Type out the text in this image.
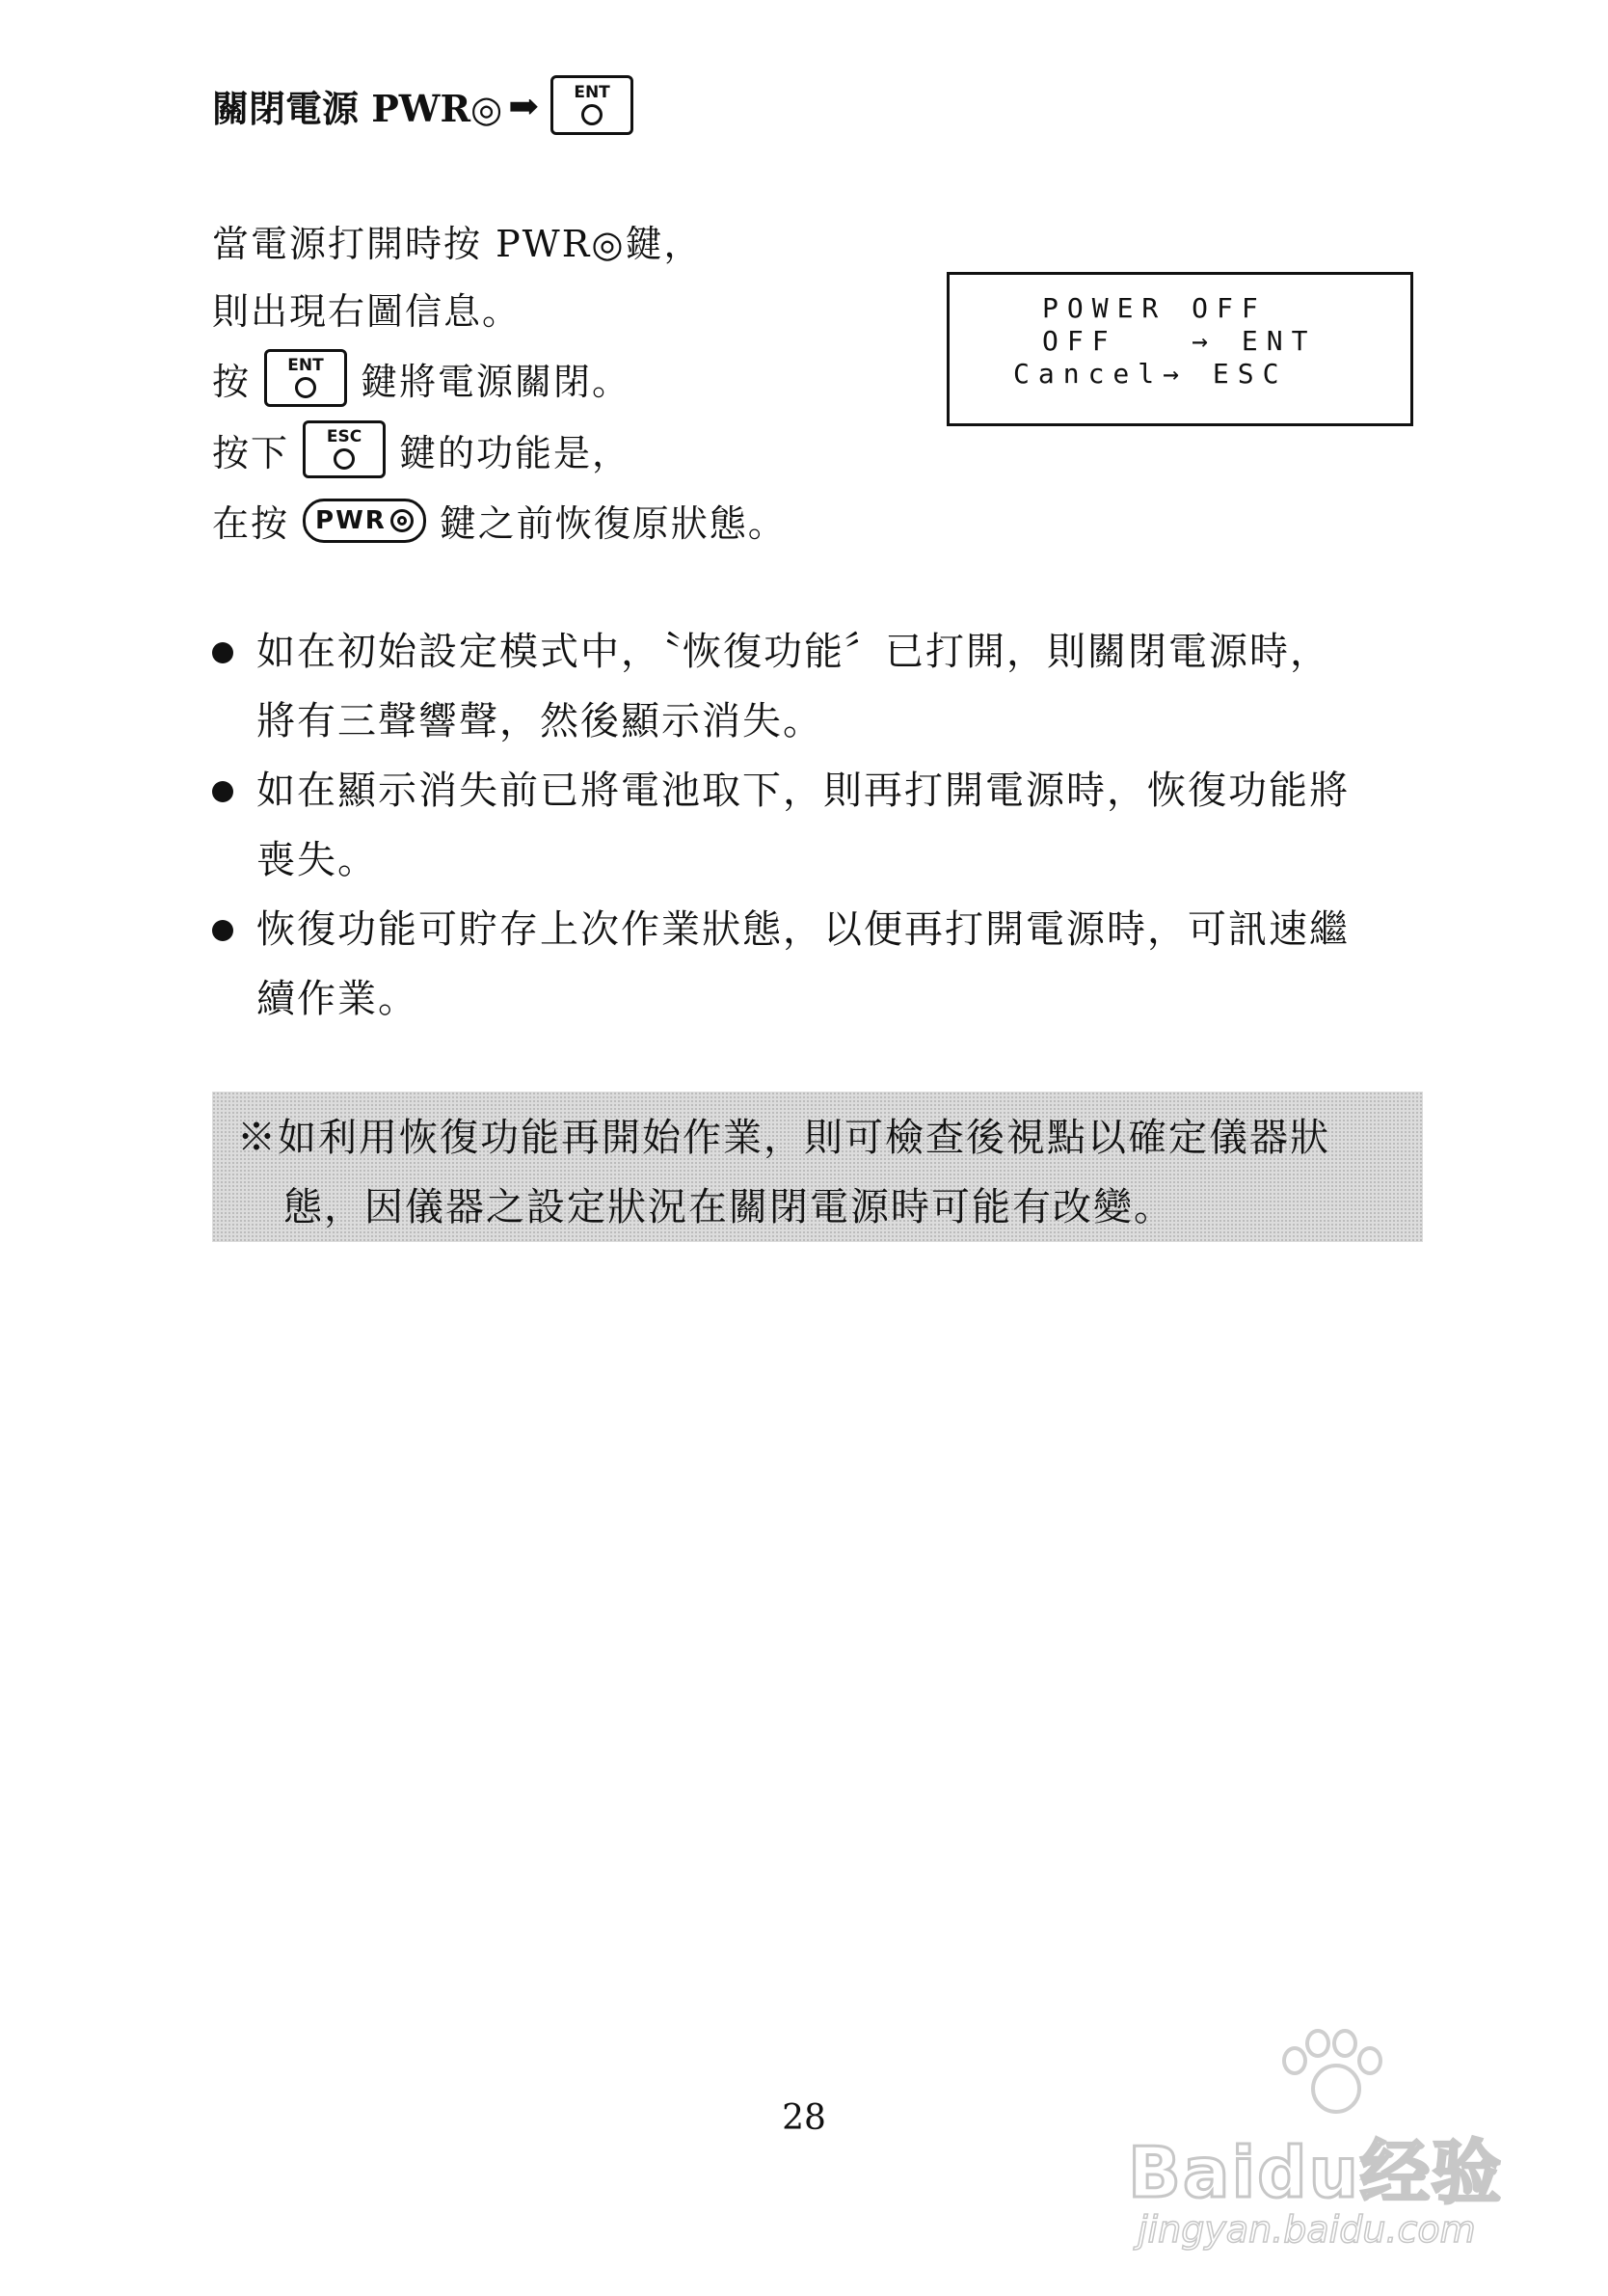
關閉電源 PWR◎ ➡ ENT
當電源打開時按 PWR◎鍵，
則出現右圖信息。
按 ENT 鍵將電源關閉。
按下 ESC 鍵的功能是，
在按 PWR 鍵之前恢復原狀態。
POWER OFF
OFF   → ENT
Cancel→ ESC
如在初始設定模式中，〝恢復功能〞已打開，則關閉電源時，
將有三聲響聲，然後顯示消失。
如在顯示消失前已將電池取下，則再打開電源時，恢復功能將
喪失。
恢復功能可貯存上次作業狀態，以便再打開電源時，可訊速繼
續作業。
※如利用恢復功能再開始作業，則可檢查後視點以確定儀器狀
態，因儀器之設定狀況在關閉電源時可能有改變。
28
Baidu经验
jingyan.baidu.com
